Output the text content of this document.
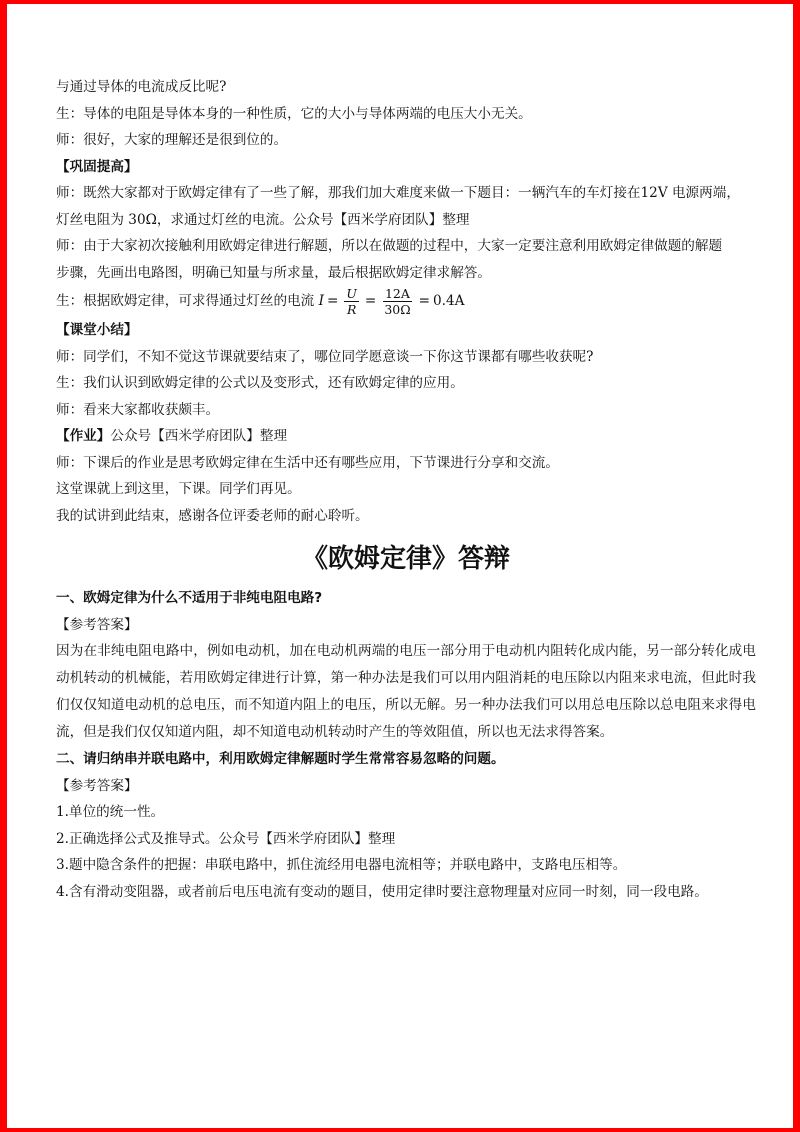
与通过导体的电流成反比呢?
生：导体的电阻是导体本身的一种性质，它的大小与导体两端的电压大小无关。
师：很好，大家的理解还是很到位的。
【巩固提高】
师：既然大家都对于欧姆定律有了一些了解，那我们加大难度来做一下题目：一辆汽车的车灯接在12V 电源两端，
灯丝电阻为 30Ω，求通过灯丝的电流。公众号【西米学府团队】整理
师：由于大家初次接触利用欧姆定律进行解题，所以在做题的过程中，大家一定要注意利用欧姆定律做题的解题
步骤，先画出电路图，明确已知量与所求量，最后根据欧姆定律求解答。
生：根据欧姆定律，可求得通过灯丝的电流 $I = \frac{U}{R} = \frac{12A}{30\Omega} = 0.4A$
【课堂小结】
师：同学们，不知不觉这节课就要结束了，哪位同学愿意谈一下你这节课都有哪些收获呢?
生：我们认识到欧姆定律的公式以及变形式，还有欧姆定律的应用。
师：看来大家都收获颇丰。
【作业】公众号【西米学府团队】整理
师：下课后的作业是思考欧姆定律在生活中还有哪些应用，下节课进行分享和交流。
这堂课就上到这里，下课。同学们再见。
我的试讲到此结束，感谢各位评委老师的耐心聆听。
《欧姆定律》答辩
一、欧姆定律为什么不适用于非纯电阻电路?
【参考答案】
因为在非纯电阻电路中，例如电动机，加在电动机两端的电压一部分用于电动机内阻转化成内能，另一部分转化成电动机转动的机械能，若用欧姆定律进行计算，第一种办法是我们可以用内阻消耗的电压除以内阻来求电流，但此时我们仅仅知道电动机的总电压，而不知道内阻上的电压，所以无解。另一种办法我们可以用总电压除以总电阻来求得电流，但是我们仅仅知道内阻，却不知道电动机转动时产生的等效阻值，所以也无法求得答案。
二、请归纳串并联电路中，利用欧姆定律解题时学生常常容易忽略的问题。
【参考答案】
1.单位的统一性。
2.正确选择公式及推导式。公众号【西米学府团队】整理
3.题中隐含条件的把握：串联电路中，抓住流经用电器电流相等；并联电路中，支路电压相等。
4.含有滑动变阻器，或者前后电压电流有变动的题目，使用定律时要注意物理量对应同一时刻，同一段电路。
